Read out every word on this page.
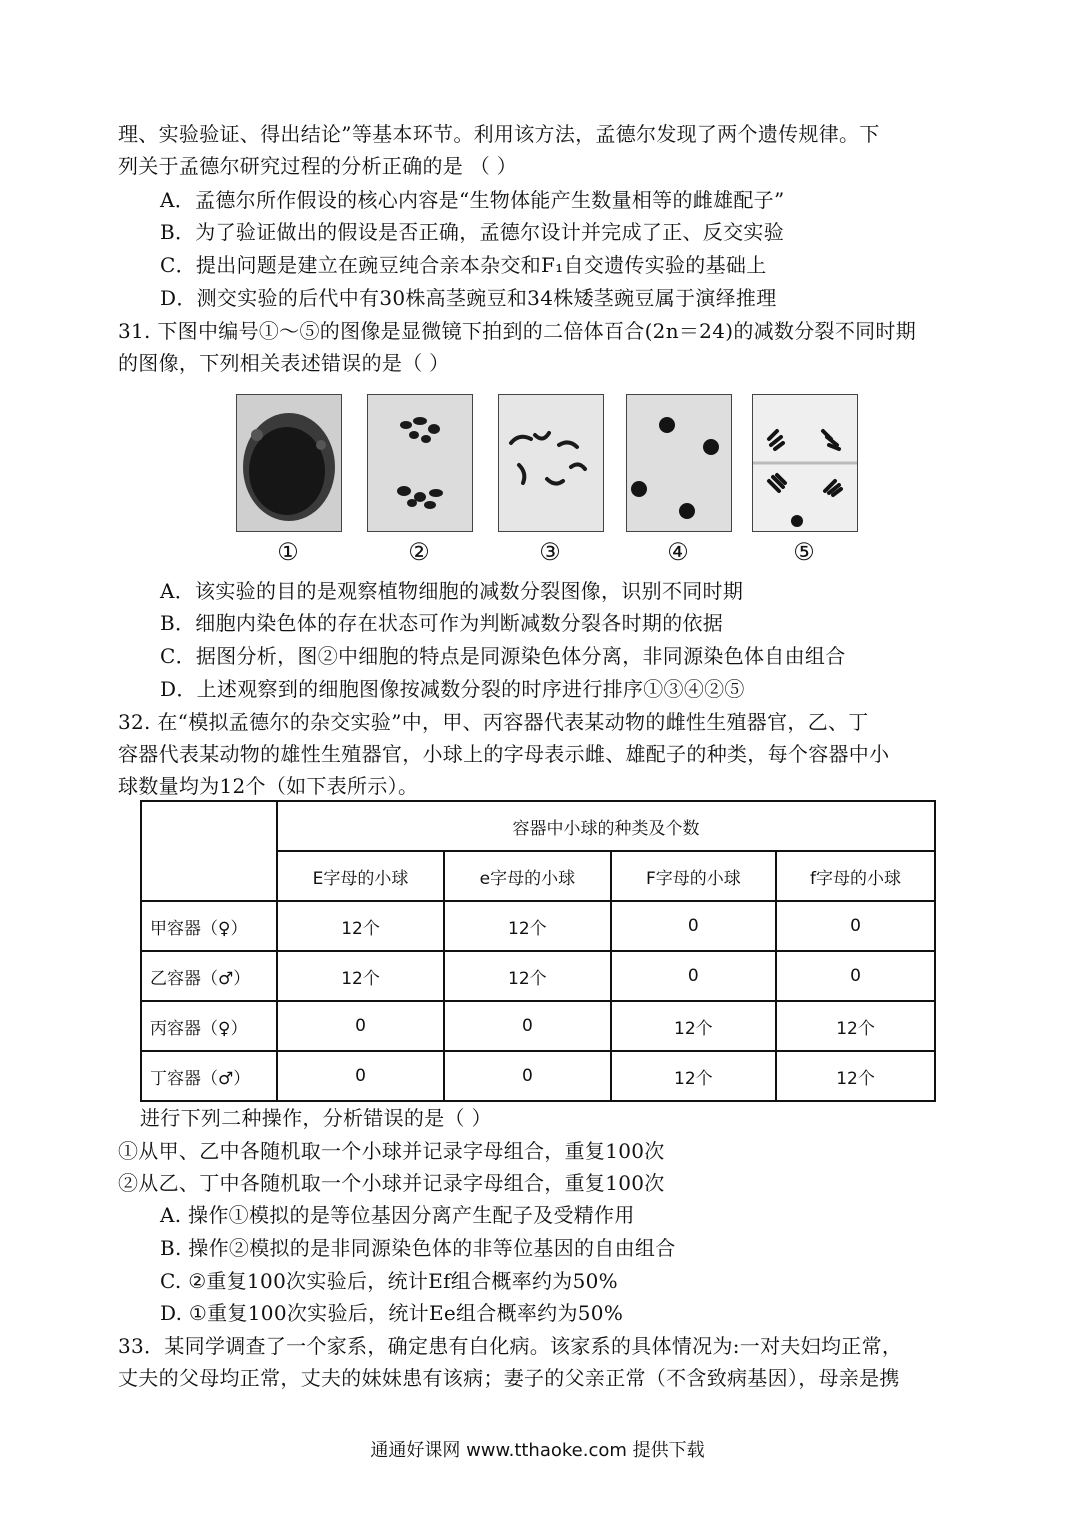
理、实验验证、得出结论”等基本环节。利用该方法，孟德尔发现了两个遗传规律。下
列关于孟德尔研究过程的分析正确的是 （ ）
A．孟德尔所作假设的核心内容是“生物体能产生数量相等的雌雄配子”
B．为了验证做出的假设是否正确，孟德尔设计并完成了正、反交实验
C．提出问题是建立在豌豆纯合亲本杂交和F₁自交遗传实验的基础上
D．测交实验的后代中有30株高茎豌豆和34株矮茎豌豆属于演绎推理
31. 下图中编号①～⑤的图像是显微镜下拍到的二倍体百合(2n＝24)的减数分裂不同时期
的图像，下列相关表述错误的是（ ）
①	②	③	④	⑤
A．该实验的目的是观察植物细胞的减数分裂图像，识别不同时期
B．细胞内染色体的存在状态可作为判断减数分裂各时期的依据
C．据图分析，图②中细胞的特点是同源染色体分离，非同源染色体自由组合
D．上述观察到的细胞图像按减数分裂的时序进行排序①③④②⑤
32. 在“模拟孟德尔的杂交实验”中，甲、丙容器代表某动物的雌性生殖器官，乙、丁
容器代表某动物的雄性生殖器官，小球上的字母表示雌、雄配子的种类，每个容器中小
球数量均为12个（如下表所示）。
	容器中小球的种类及个数			
	E字母的小球	e字母的小球	F字母的小球	f字母的小球
甲容器（♀）	12个	12个	0	0
乙容器（♂）	12个	12个	0	0
丙容器（♀）	0	0	12个	12个
丁容器（♂）	0	0	12个	12个
进行下列二种操作，分析错误的是（ ）
①从甲、乙中各随机取一个小球并记录字母组合，重复100次
②从乙、丁中各随机取一个小球并记录字母组合，重复100次
A. 操作①模拟的是等位基因分离产生配子及受精作用
B. 操作②模拟的是非同源染色体的非等位基因的自由组合
C. ②重复100次实验后，统计Ef组合概率约为50%
D. ①重复100次实验后，统计Ee组合概率约为50%
33．某同学调查了一个家系，确定患有白化病。该家系的具体情况为:一对夫妇均正常，
丈夫的父母均正常，丈夫的妹妹患有该病；妻子的父亲正常（不含致病基因），母亲是携
通通好课网 www.tthaoke.com 提供下载
